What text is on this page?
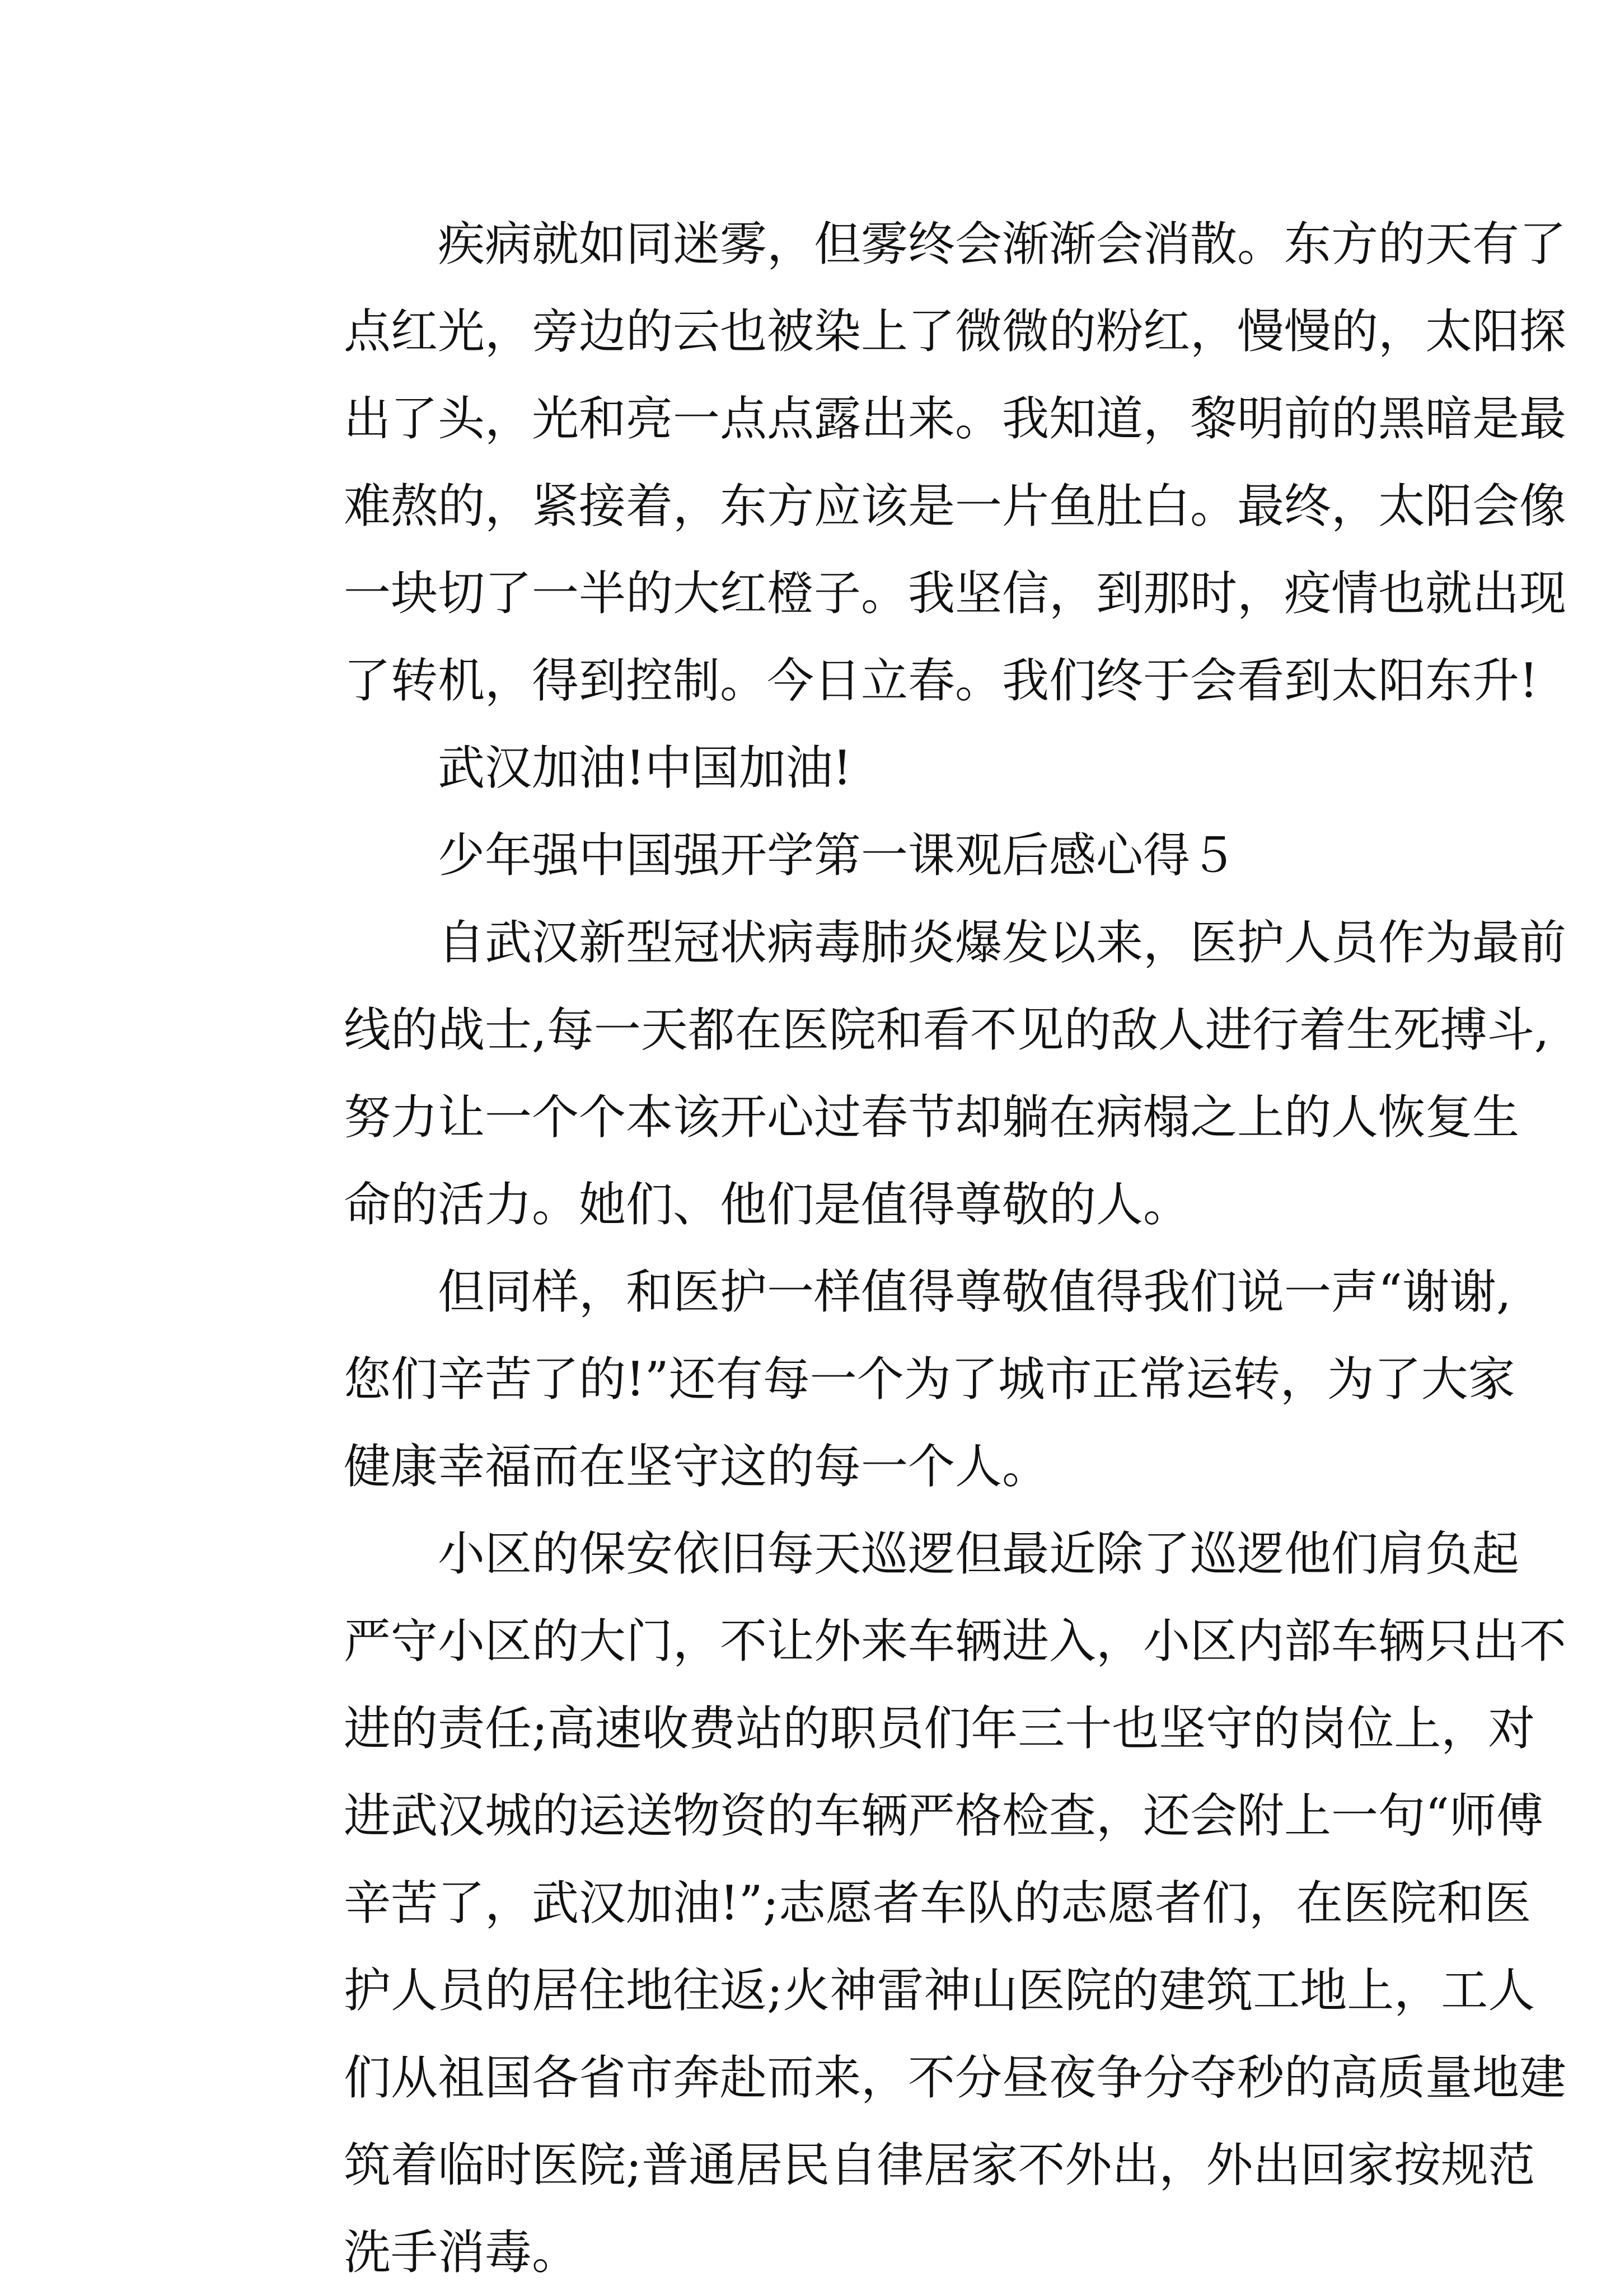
疾病就如同迷雾，但雾终会渐渐会消散。东方的天有了
点红光，旁边的云也被染上了微微的粉红，慢慢的，太阳探
出了头，光和亮一点点露出来。我知道，黎明前的黑暗是最
难熬的，紧接着，东方应该是一片鱼肚白。最终，太阳会像
一块切了一半的大红橙子。我坚信，到那时，疫情也就出现
了转机，得到控制。今日立春。我们终于会看到太阳东升!
武汉加油!中国加油!
少年强中国强开学第一课观后感心得５
自武汉新型冠状病毒肺炎爆发以来，医护人员作为最前
线的战士,每一天都在医院和看不见的敌人进行着生死搏斗,
努力让一个个本该开心过春节却躺在病榻之上的人恢复生
命的活力。她们、他们是值得尊敬的人。
但同样，和医护一样值得尊敬值得我们说一声“谢谢,
您们辛苦了的!”还有每一个为了城市正常运转，为了大家
健康幸福而在坚守这的每一个人。
小区的保安依旧每天巡逻但最近除了巡逻他们肩负起
严守小区的大门，不让外来车辆进入，小区内部车辆只出不
进的责任;高速收费站的职员们年三十也坚守的岗位上，对
进武汉城的运送物资的车辆严格检查，还会附上一句“师傅
辛苦了，武汉加油!”;志愿者车队的志愿者们，在医院和医
护人员的居住地往返;火神雷神山医院的建筑工地上，工人
们从祖国各省市奔赴而来，不分昼夜争分夺秒的高质量地建
筑着临时医院;普通居民自律居家不外出，外出回家按规范
洗手消毒。
